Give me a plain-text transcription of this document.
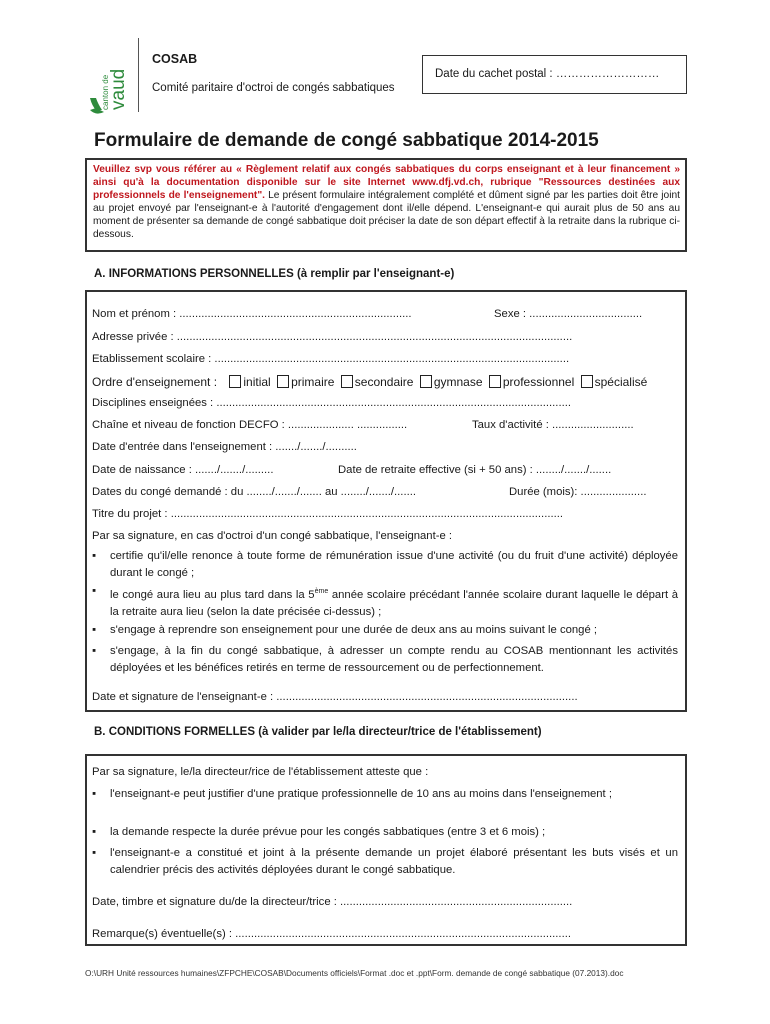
canton de
vaud
COSAB
Comité paritaire d'octroi de congés sabbatiques
Date du cachet postal : ………………………
Formulaire de demande de congé sabbatique 2014-2015
Veuillez svp vous référer au « Règlement relatif aux congés sabbatiques du corps enseignant et à leur financement » ainsi qu'à la documentation disponible sur le site Internet www.dfj.vd.ch, rubrique "Ressources destinées aux professionnels de l'enseignement". Le présent formulaire intégralement complété et dûment signé par les parties doit être joint au projet envoyé par l'enseignant-e à l'autorité d'engagement dont il/elle dépend. L'enseignant-e qui aurait plus de 50 ans au moment de présenter sa demande de congé sabbatique doit préciser la date de son départ effectif à la retraite dans la rubrique ci-dessous.
A. INFORMATIONS PERSONNELLES (à remplir par l'enseignant-e)
Nom et prénom : ..........................................................................	Sexe : ....................................
Adresse privée : ..............................................................................................................................
Etablissement scolaire : .................................................................................................................
Ordre d'enseignement : initial primaire secondaire gymnase professionnel spécialisé
Disciplines enseignées : .................................................................................................................
Chaîne et niveau de fonction DECFO : ..................... ................	Taux d'activité : ..........................
Date d'entrée dans l'enseignement : ......./......./..........
Date de naissance : ......./......./.........	Date de retraite effective (si + 50 ans) : ......../......./.......
Dates du congé demandé : du ......../......./....... au ......../......./.......	Durée (mois): .....................
Titre du projet : .............................................................................................................................
Par sa signature, en cas d'octroi d'un congé sabbatique, l'enseignant-e :
▪ certifie qu'il/elle renonce à toute forme de rémunération issue d'une activité (ou du fruit d'une activité) déployée durant le congé ;
▪ le congé aura lieu au plus tard dans la 5ème année scolaire précédant l'année scolaire durant laquelle le départ à la retraite aura lieu (selon la date précisée ci-dessus) ;
▪ s'engage à reprendre son enseignement pour une durée de deux ans au moins suivant le congé ;
▪ s'engage, à la fin du congé sabbatique, à adresser un compte rendu au COSAB mentionnant les activités déployées et les bénéfices retirés en terme de ressourcement ou de perfectionnement.
Date et signature de l'enseignant-e : ................................................................................................
B. CONDITIONS FORMELLES (à valider par le/la directeur/trice de l'établissement)
Par sa signature, le/la directeur/rice de l'établissement atteste que :
▪ l'enseignant-e peut justifier d'une pratique professionnelle de 10 ans au moins dans l'enseignement ;
▪ la demande respecte la durée prévue pour les congés sabbatiques (entre 3 et 6 mois) ;
▪ l'enseignant-e a constitué et joint à la présente demande un projet élaboré présentant les buts visés et un calendrier précis des activités déployées durant le congé sabbatique.
Date, timbre et signature du/de la directeur/trice : ..........................................................................
Remarque(s) éventuelle(s) : ...........................................................................................................
O:\URH Unité ressources humaines\ZFPCHE\COSAB\Documents officiels\Format .doc et .ppt\Form. demande de congé sabbatique (07.2013).doc
